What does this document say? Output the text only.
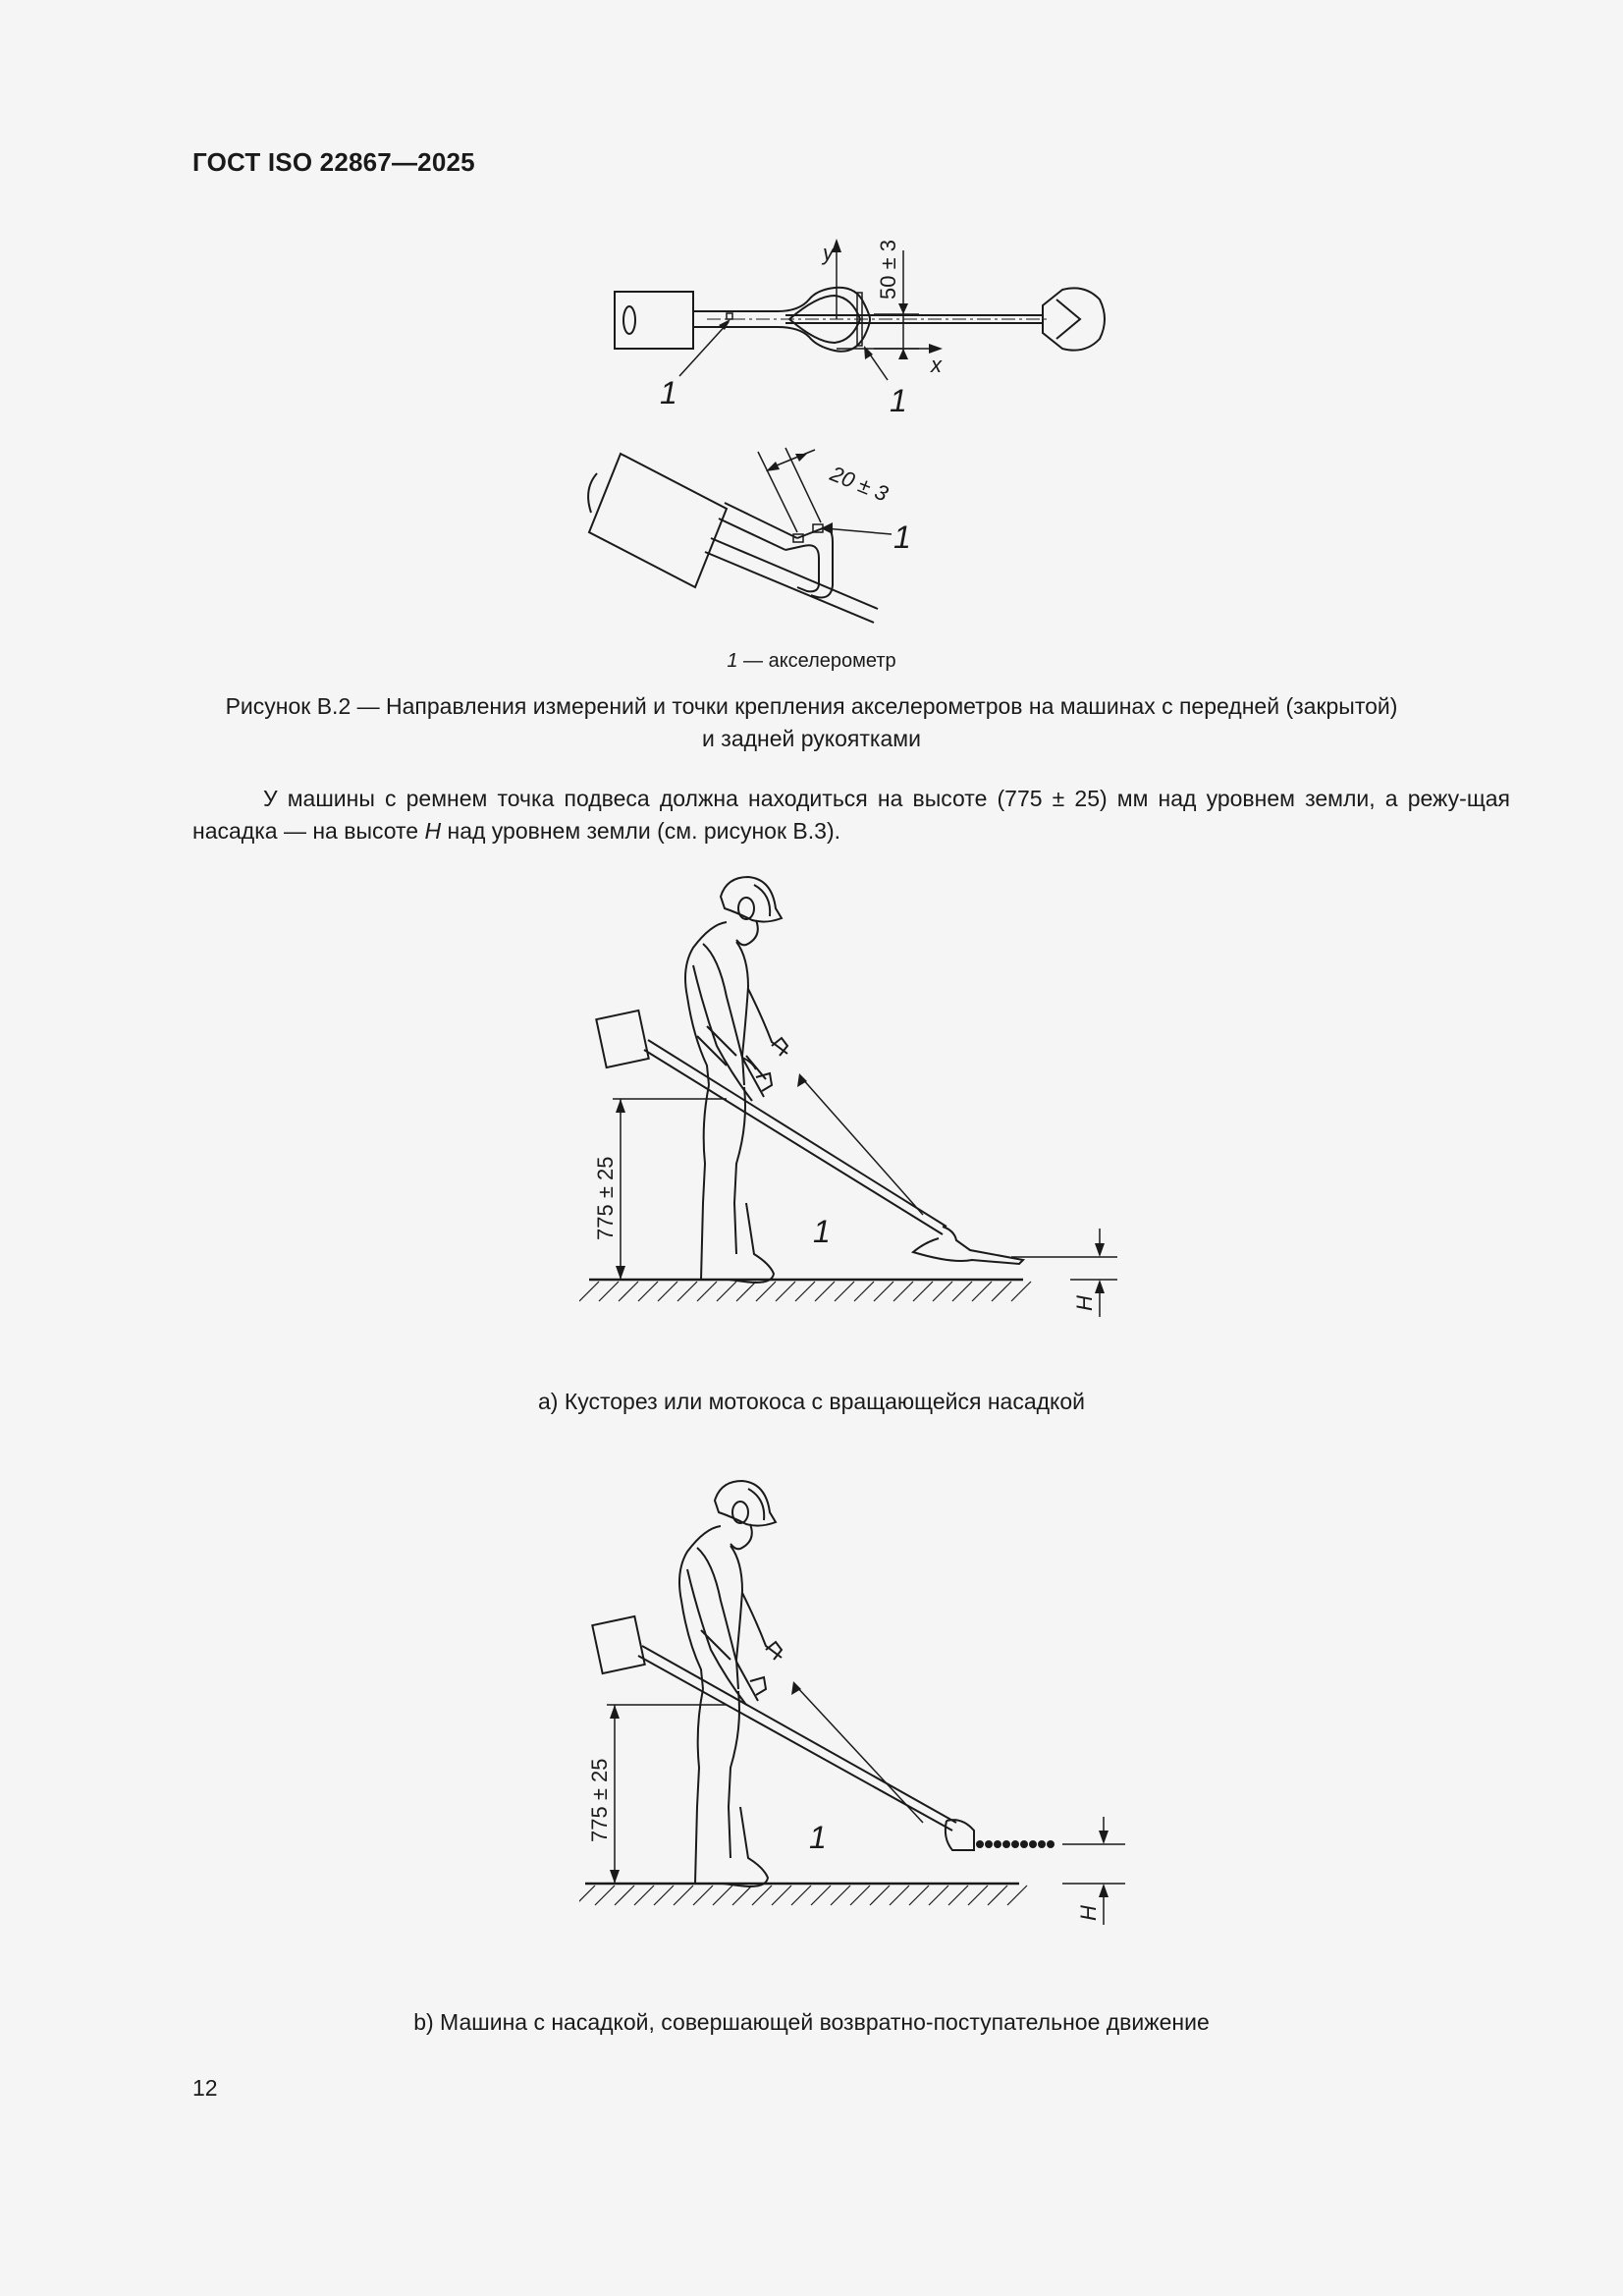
ГОСТ ISO 22867—2025
y
x
50 ± 3
1	1
20 ± 3
1
1 — акселерометр
Рисунок В.2 — Направления измерений и точки крепления акселерометров на машинах с передней (закрытой)
и задней рукоятками
У машины с ремнем точка подвеса должна находиться на высоте (775 ± 25) мм над уровнем земли, а режу-щая насадка — на высоте H над уровнем земли (см. рисунок В.3).
775 ± 25	1
H
а) Кусторез или мотокоса с вращающейся насадкой
775 ± 25	1
H
b) Машина с насадкой, совершающей возвратно-поступательное движение
12
